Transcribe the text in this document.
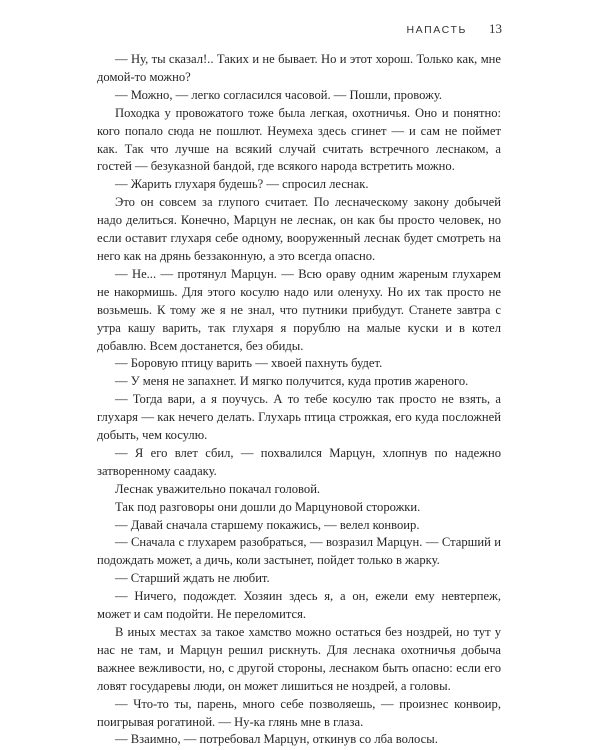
НАПАСТЬ 13

— Ну, ты сказал!.. Таких и не бывает. Но и этот хорош. Только как, мне домой-то можно?

— Можно, — легко согласился часовой. — Пошли, провожу.

Походка у провожатого тоже была легкая, охотничья. Оно и понятно: кого попало сюда не пошлют. Неумеха здесь сгинет — и сам не поймет как. Так что лучше на всякий случай считать встречного леснаком, а гостей — безуказной бандой, где всякого народа встретить можно.

— Жарить глухаря будешь? — спросил леснак.

Это он совсем за глупого считает. По лесначескому закону добычей надо делиться. Конечно, Марцун не леснак, он как бы просто человек, но если оставит глухаря себе одному, вооруженный леснак будет смотреть на него как на дрянь беззаконную, а это всегда опасно.

— Не... — протянул Марцун. — Всю ораву одним жареным глухарем не накормишь. Для этого косулю надо или оленуху. Но их так просто не возьмешь. К тому же я не знал, что путники прибудут. Станете завтра с утра кашу варить, так глухаря я порублю на малые куски и в котел добавлю. Всем достанется, без обиды.

— Боровую птицу варить — хвоей пахнуть будет.

— У меня не запахнет. И мягко получится, куда против жареного.

— Тогда вари, а я поучусь. А то тебе косулю так просто не взять, а глухаря — как нечего делать. Глухарь птица строжкая, его куда посложней добыть, чем косулю.

— Я его влет сбил, — похвалился Марцун, хлопнув по надежно затворенному саадаку.

Леснак уважительно покачал головой.

Так под разговоры они дошли до Марцуновой сторожки.

— Давай сначала старшему покажись, — велел конвоир.

— Сначала с глухарем разобраться, — возразил Марцун. — Старший и подождать может, а дичь, коли застынет, пойдет только в жарку.

— Старший ждать не любит.

— Ничего, подождет. Хозяин здесь я, а он, ежели ему невтерпеж, может и сам подойти. Не переломится.

В иных местах за такое хамство можно остаться без ноздрей, но тут у нас не там, и Марцун решил рискнуть. Для леснака охотничья добыча важнее вежливости, но, с другой стороны, леснаком быть опасно: если его ловят государевы люди, он может лишиться не ноздрей, а головы.

— Что-то ты, парень, много себе позволяешь, — произнес конвоир, поигрывая рогатиной. — Ну-ка глянь мне в глаза.

— Взаимно, — потребовал Марцун, откинув со лба волосы.
